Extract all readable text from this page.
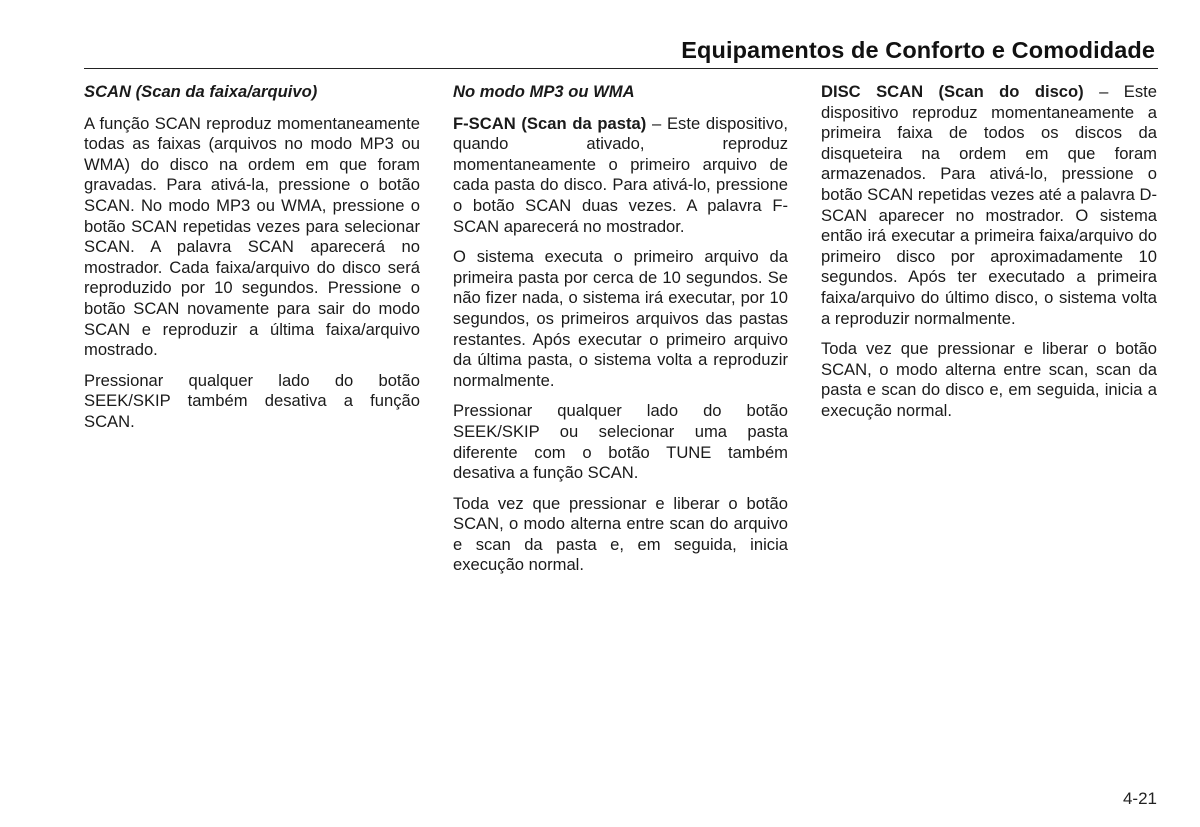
Equipamentos de Conforto e Comodidade

SCAN (Scan da faixa/arquivo)

A função SCAN reproduz momentaneamente todas as faixas (arquivos no modo MP3 ou WMA) do disco na ordem em que foram gravadas. Para ativá-la, pressione o botão SCAN. No modo MP3 ou WMA, pressione o botão SCAN repetidas vezes para selecionar SCAN. A palavra SCAN aparecerá no mostrador. Cada faixa/arquivo do disco será reproduzido por 10 segundos. Pressione o botão SCAN novamente para sair do modo SCAN e reproduzir a última faixa/arquivo mostrado.

Pressionar qualquer lado do botão SEEK/SKIP também desativa a função SCAN.

No modo MP3 ou WMA

F-SCAN (Scan da pasta) – Este dispositivo, quando ativado, reproduz momentaneamente o primeiro arquivo de cada pasta do disco. Para ativá-lo, pressione o botão SCAN duas vezes. A palavra F-SCAN aparecerá no mostrador.

O sistema executa o primeiro arquivo da primeira pasta por cerca de 10 segundos. Se não fizer nada, o sistema irá executar, por 10 segundos, os primeiros arquivos das pastas restantes. Após executar o primeiro arquivo da última pasta, o sistema volta a reproduzir normalmente.

Pressionar qualquer lado do botão SEEK/SKIP ou selecionar uma pasta diferente com o botão TUNE também desativa a função SCAN.

Toda vez que pressionar e liberar o botão SCAN, o modo alterna entre scan do arquivo e scan da pasta e, em seguida, inicia execução normal.

DISC SCAN (Scan do disco) – Este dispositivo reproduz momentaneamente a primeira faixa de todos os discos da disqueteira na ordem em que foram armazenados. Para ativá-lo, pressione o botão SCAN repetidas vezes até a palavra D-SCAN aparecer no mostrador. O sistema então irá executar a primeira faixa/arquivo do primeiro disco por aproximadamente 10 segundos. Após ter executado a primeira faixa/arquivo do último disco, o sistema volta a reproduzir normalmente.

Toda vez que pressionar e liberar o botão SCAN, o modo alterna entre scan, scan da pasta e scan do disco e, em seguida, inicia a execução normal.

4-21
